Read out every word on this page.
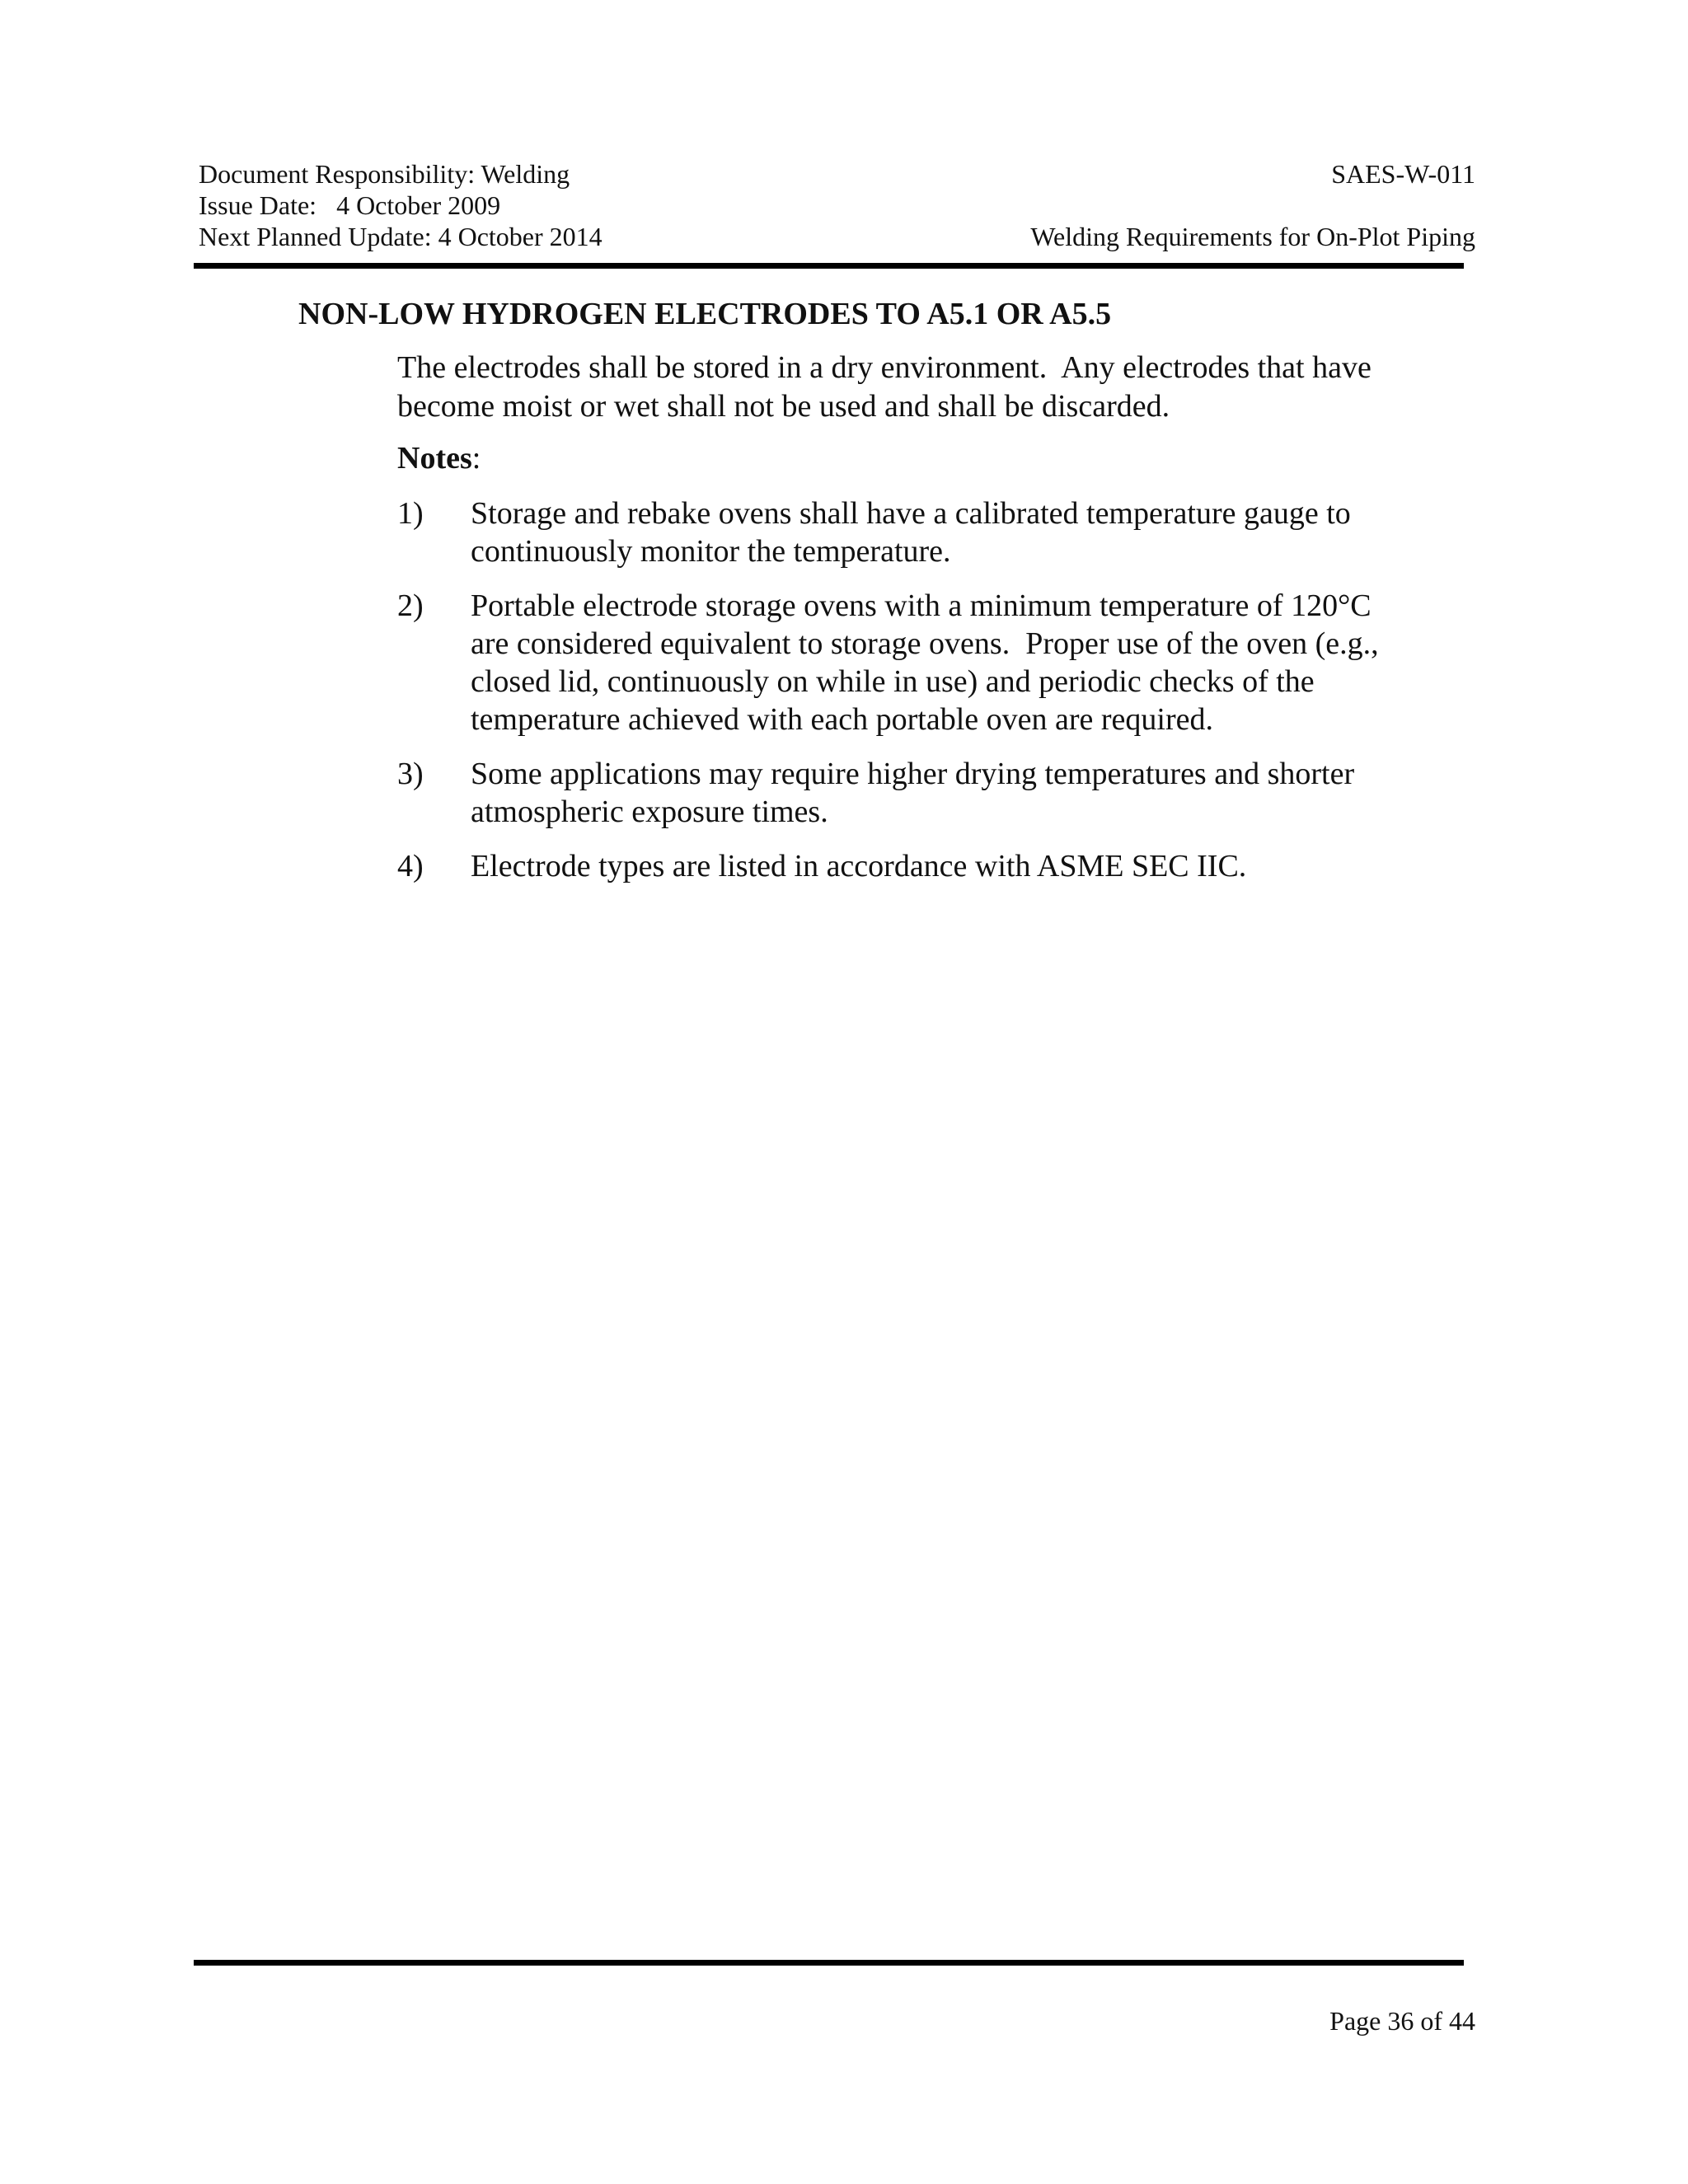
Document Responsibility: Welding
Issue Date:   4 October 2009
Next Planned Update: 4 October 2014
SAES-W-011
Welding Requirements for On-Plot Piping
NON-LOW HYDROGEN ELECTRODES TO A5.1 OR A5.5
The electrodes shall be stored in a dry environment.  Any electrodes that have
become moist or wet shall not be used and shall be discarded.
Notes:
1) Storage and rebake ovens shall have a calibrated temperature gauge to
continuously monitor the temperature.
2) Portable electrode storage ovens with a minimum temperature of 120°C
are considered equivalent to storage ovens.  Proper use of the oven (e.g.,
closed lid, continuously on while in use) and periodic checks of the
temperature achieved with each portable oven are required.
3) Some applications may require higher drying temperatures and shorter
atmospheric exposure times.
4) Electrode types are listed in accordance with ASME SEC IIC.
Page 36 of 44
